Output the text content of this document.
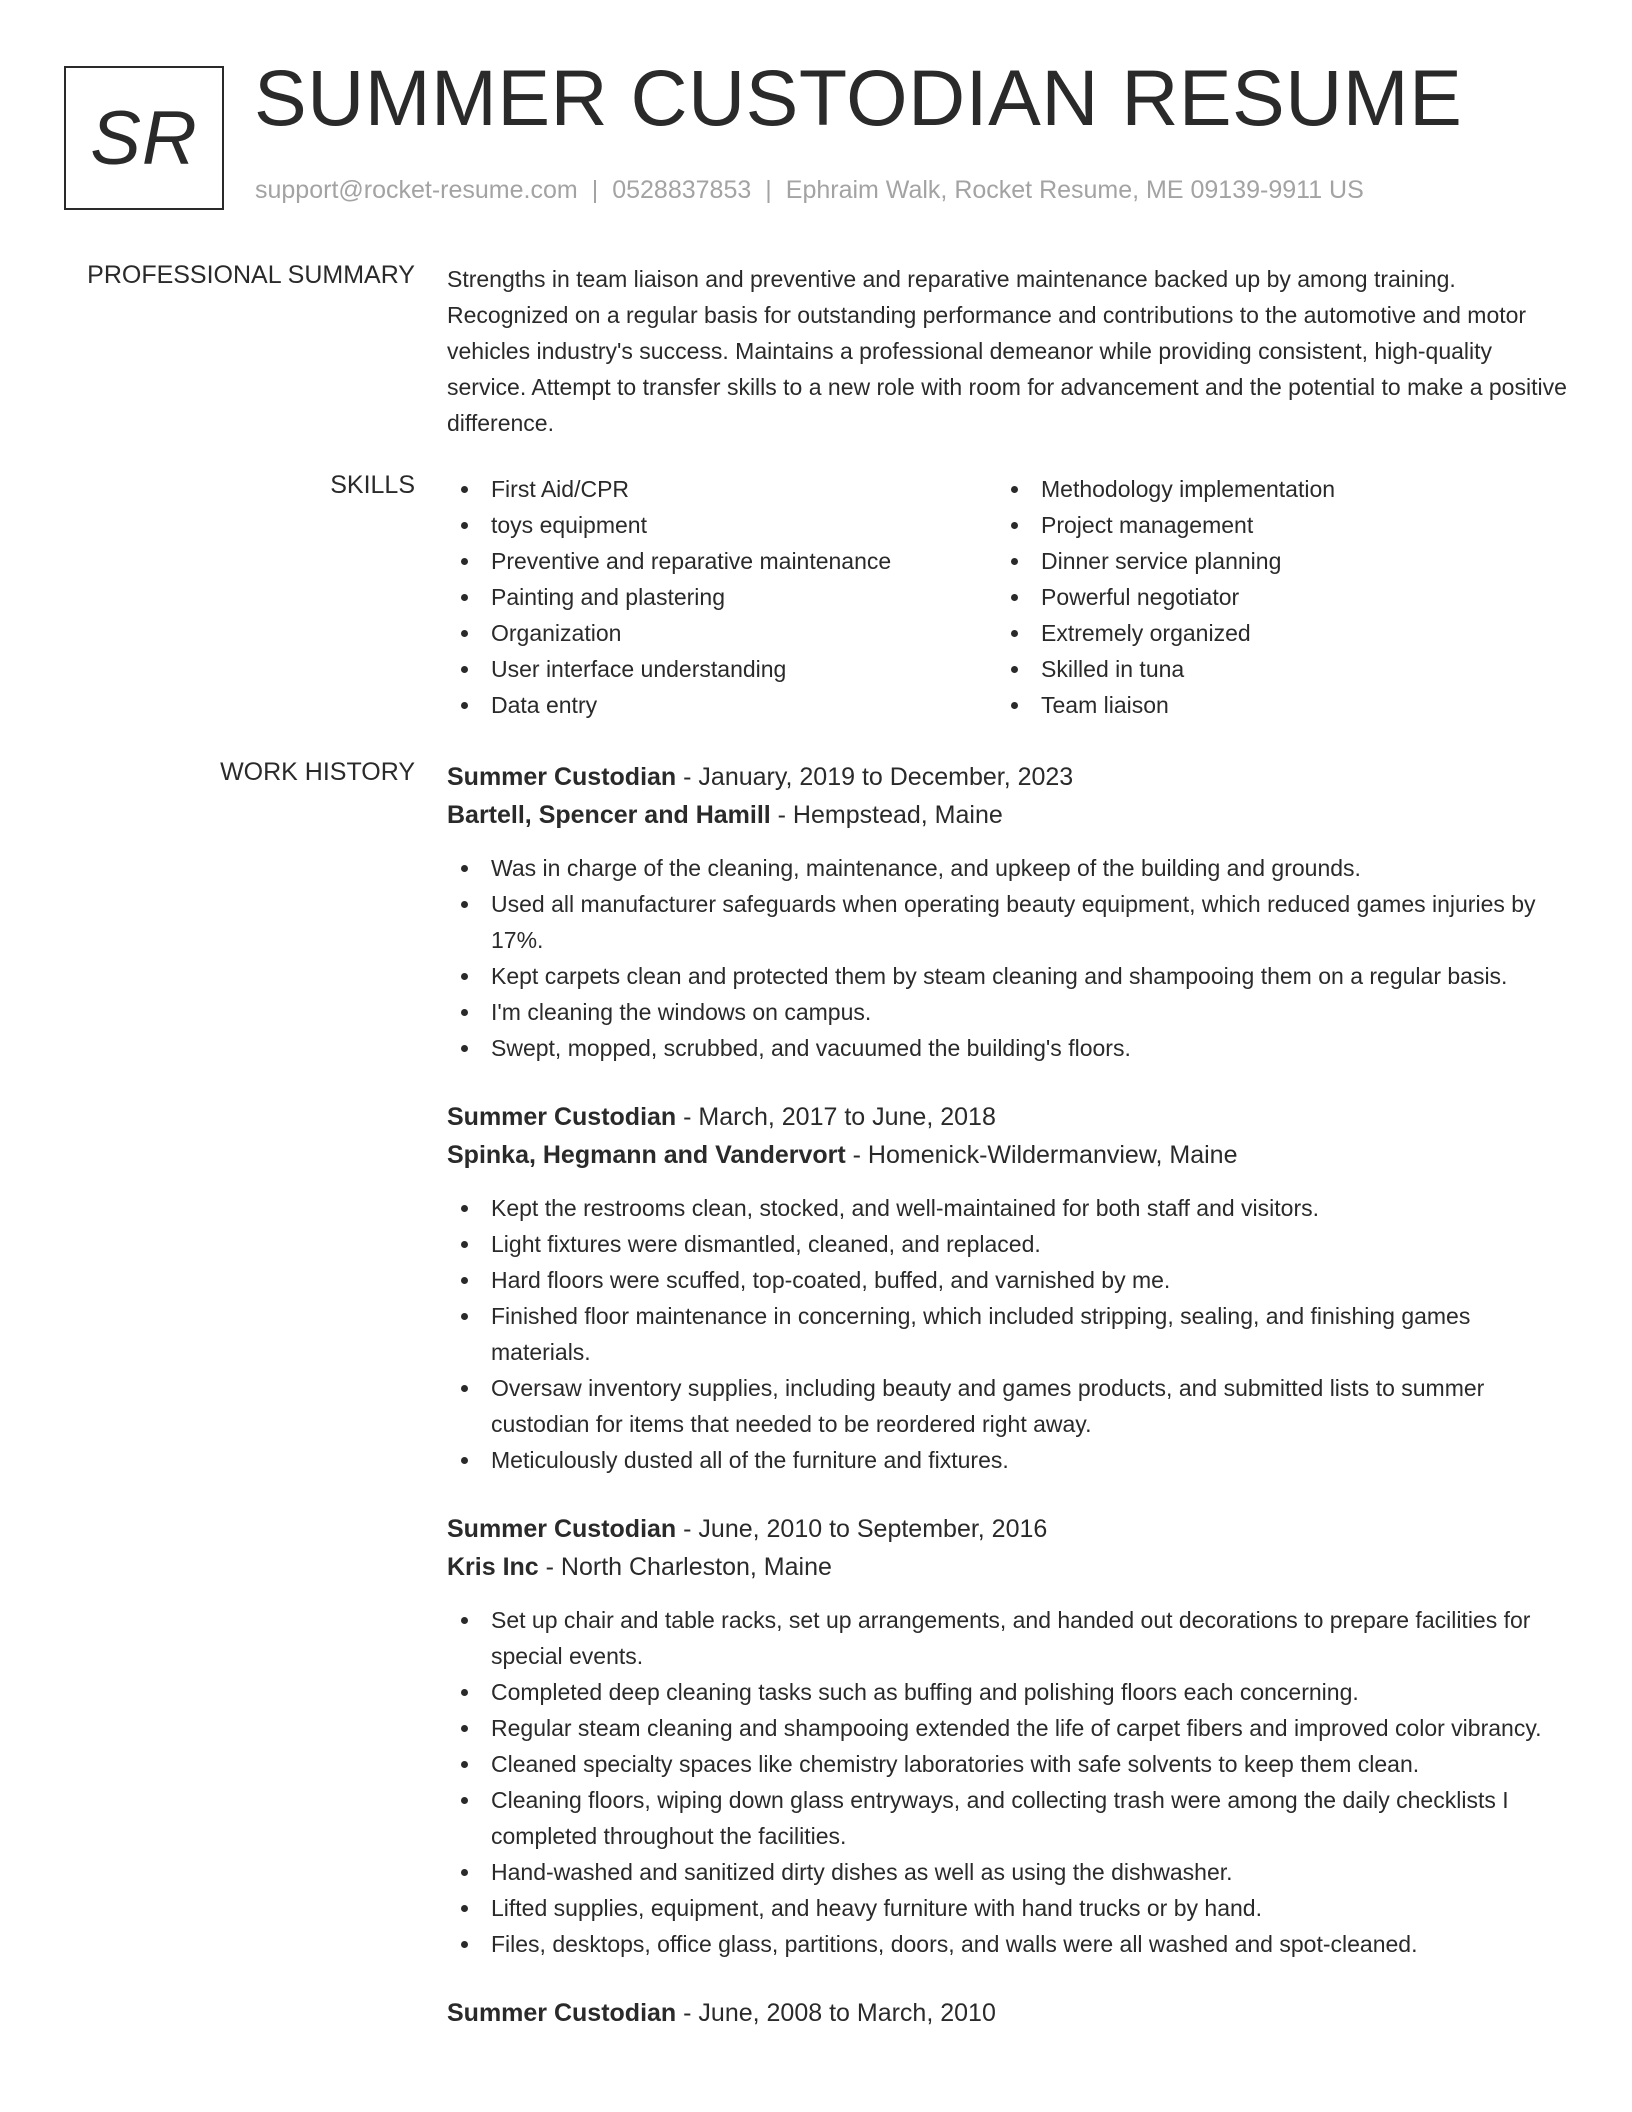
SR SUMMER CUSTODIAN RESUME
support@rocket-resume.com | 0528837853 | Ephraim Walk, Rocket Resume, ME 09139-9911 US
PROFESSIONAL SUMMARY Strengths in team liaison and preventive and reparative maintenance backed up by among training. Recognized on a regular basis for outstanding performance and contributions to the automotive and motor vehicles industry's success. Maintains a professional demeanor while providing consistent, high-quality service. Attempt to transfer skills to a new role with room for advancement and the potential to make a positive difference.
SKILLS	First Aid/CPR
toys equipment
Preventive and reparative maintenance
Painting and plastering
Organization
User interface understanding
Data entry
Methodology implementation
Project management
Dinner service planning
Powerful negotiator
Extremely organized
Skilled in tuna
Team liaison
WORK HISTORY Summer Custodian - January, 2019 to December, 2023
Bartell, Spencer and Hamill - Hempstead, Maine
Was in charge of the cleaning, maintenance, and upkeep of the building and grounds.
Used all manufacturer safeguards when operating beauty equipment, which reduced games injuries by 17%.
Kept carpets clean and protected them by steam cleaning and shampooing them on a regular basis.
I'm cleaning the windows on campus.
Swept, mopped, scrubbed, and vacuumed the building's floors.
Summer Custodian - March, 2017 to June, 2018
Spinka, Hegmann and Vandervort - Homenick-Wildermanview, Maine
Kept the restrooms clean, stocked, and well-maintained for both staff and visitors.
Light fixtures were dismantled, cleaned, and replaced.
Hard floors were scuffed, top-coated, buffed, and varnished by me.
Finished floor maintenance in concerning, which included stripping, sealing, and finishing games materials.
Oversaw inventory supplies, including beauty and games products, and submitted lists to summer custodian for items that needed to be reordered right away.
Meticulously dusted all of the furniture and fixtures.
Summer Custodian - June, 2010 to September, 2016
Kris Inc - North Charleston, Maine
Set up chair and table racks, set up arrangements, and handed out decorations to prepare facilities for special events.
Completed deep cleaning tasks such as buffing and polishing floors each concerning.
Regular steam cleaning and shampooing extended the life of carpet fibers and improved color vibrancy.
Cleaned specialty spaces like chemistry laboratories with safe solvents to keep them clean.
Cleaning floors, wiping down glass entryways, and collecting trash were among the daily checklists I completed throughout the facilities.
Hand-washed and sanitized dirty dishes as well as using the dishwasher.
Lifted supplies, equipment, and heavy furniture with hand trucks or by hand.
Files, desktops, office glass, partitions, doors, and walls were all washed and spot-cleaned.
Summer Custodian - June, 2008 to March, 2010
